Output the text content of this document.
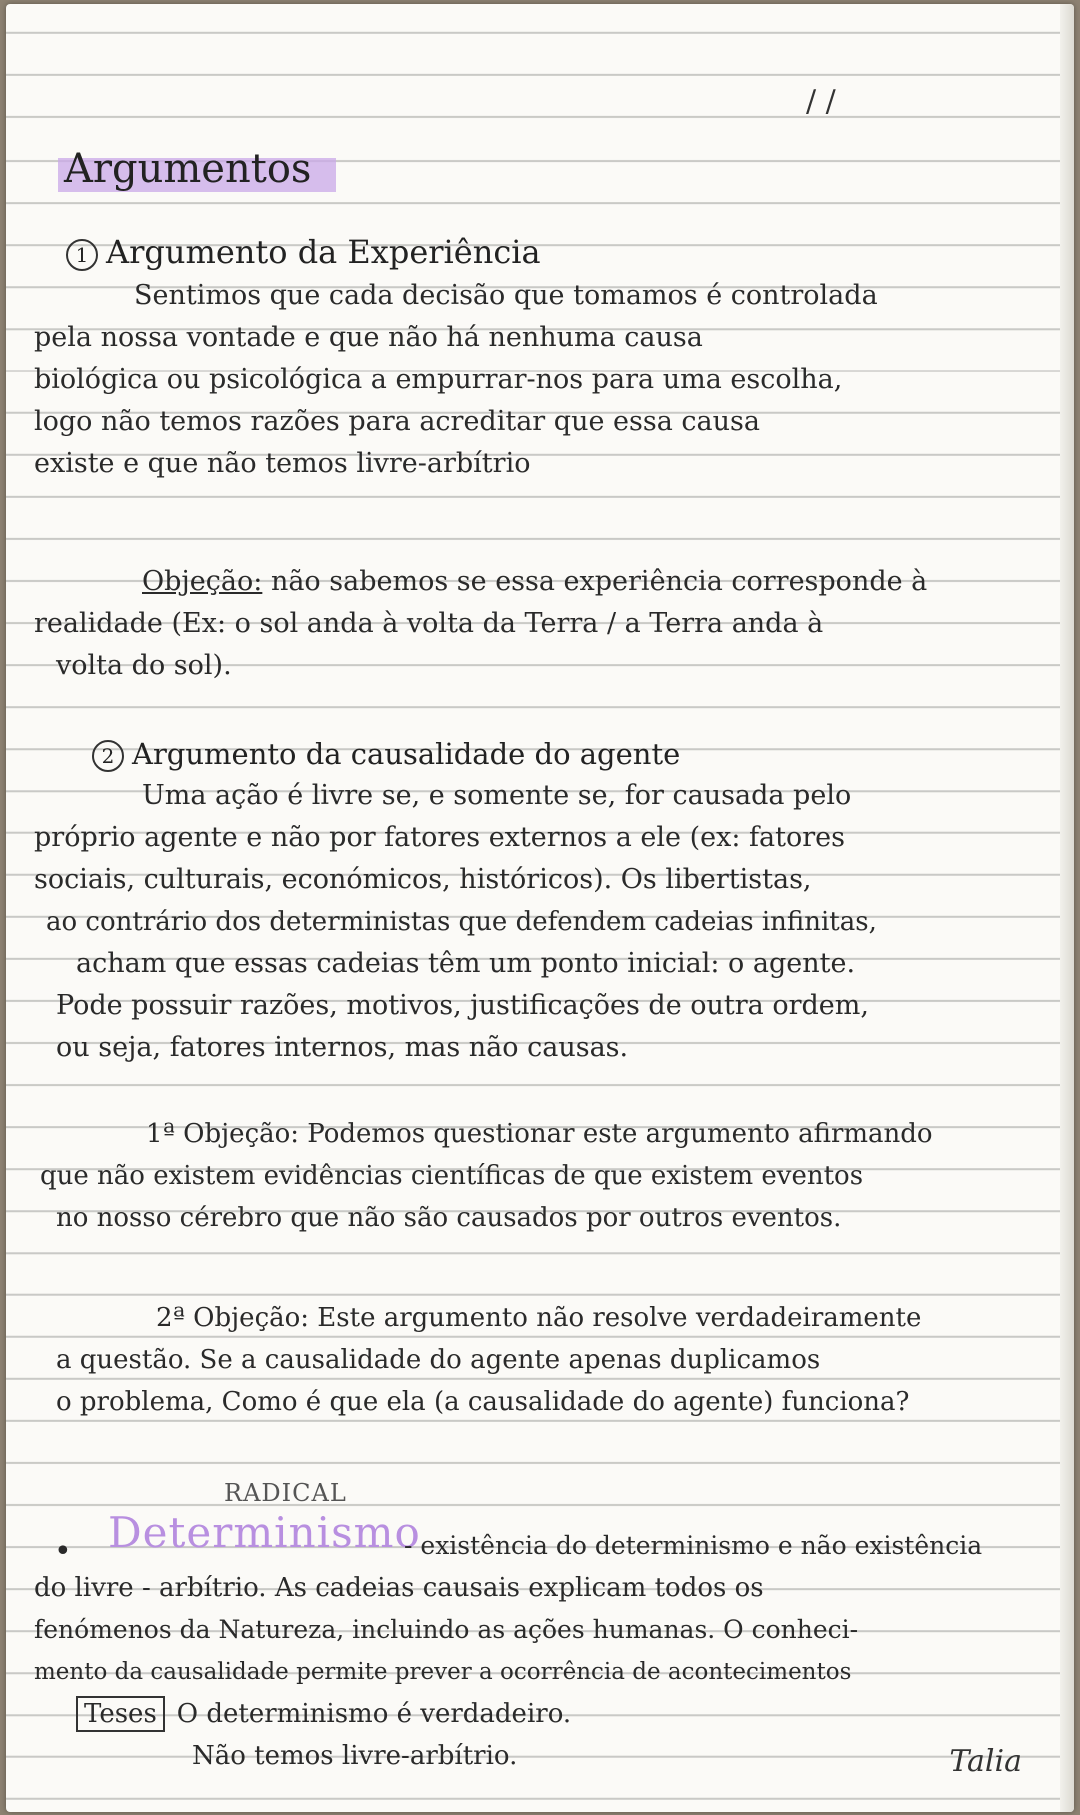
/ /
Argumentos
1 Argumento da Experiência
Sentimos que cada decisão que tomamos é controlada
pela nossa vontade e que não há nenhuma causa
biológica ou psicológica a empurrar-nos para uma escolha,
logo não temos razões para acreditar que essa causa
existe e que não temos livre-arbítrio
Objeção: não sabemos se essa experiência corresponde à
realidade (Ex: o sol anda à volta da Terra / a Terra anda à
volta do sol).
2 Argumento da causalidade do agente
Uma ação é livre se, e somente se, for causada pelo
próprio agente e não por fatores externos a ele (ex: fatores
sociais, culturais, económicos, históricos). Os libertistas,
ao contrário dos deterministas que defendem cadeias infinitas,
acham que essas cadeias têm um ponto inicial: o agente.
Pode possuir razões, motivos, justificações de outra ordem,
ou seja, fatores internos, mas não causas.
1ª Objeção: Podemos questionar este argumento afirmando
que não existem evidências científicas de que existem eventos
no nosso cérebro que não são causados por outros eventos.
2ª Objeção: Este argumento não resolve verdadeiramente
a questão. Se a causalidade do agente apenas duplicamos
o problema, Como é que ela (a causalidade do agente) funciona?
RADICAL
• Determinismo
- existência do determinismo e não existência
do livre - arbítrio. As cadeias causais explicam todos os
fenómenos da Natureza, incluindo as ações humanas. O conheci-
mento da causalidade permite prever a ocorrência de acontecimentos
Teses O determinismo é verdadeiro.
Não temos livre-arbítrio.	Talia
